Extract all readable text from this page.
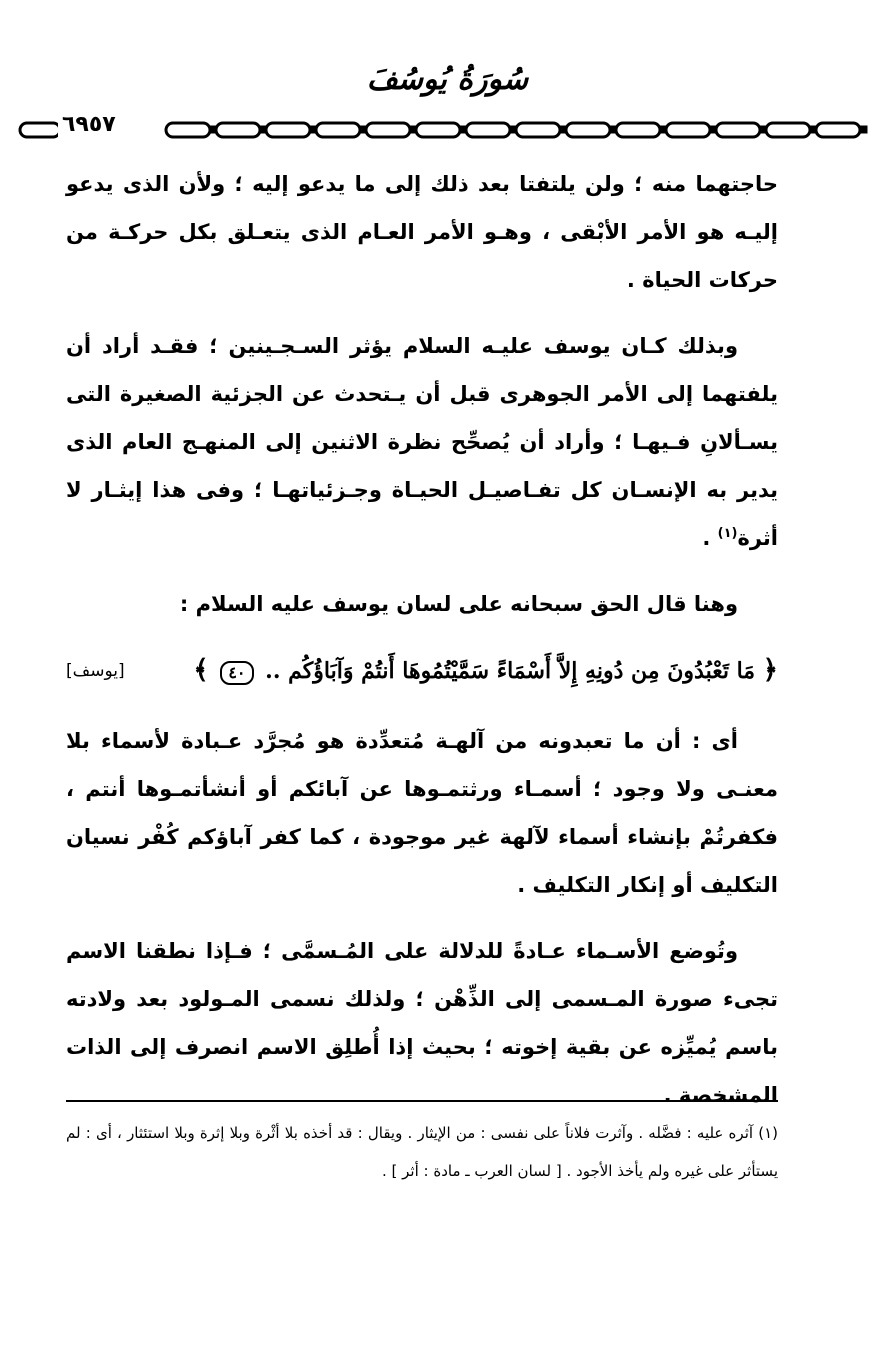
سُورَةُ يُوسُفَ
٦٩٥٧

حاجتهما منه ؛ ولن يلتفتا بعد ذلك إلى ما يدعو إليه ؛ ولأن الذى يدعو إليـه هو الأمر الأبْقى ، وهـو الأمر العـام الذى يتعـلق بكل حركـة من حركات الحياة .

وبذلك كـان يوسف عليـه السلام يؤثر السـجـينين ؛ فقـد أراد أن يلفتهما إلى الأمر الجوهرى قبل أن يـتحدث عن الجزئية الصغيرة التى يسـألانِ فـيهـا ؛ وأراد أن يُصحِّح نظرة الاثنين إلى المنهـج العام الذى يدير به الإنسـان كل تفـاصيـل الحيـاة وجـزئياتهـا ؛ وفى هذا إيثـار لا أثرة$^{(١)}$ .

وهنا قال الحق سبحانه على لسان يوسف عليه السلام :

﴿ مَا تَعْبُدُونَ مِن دُونِهِ إِلاَّ أَسْمَاءً سَمَّيْتُمُوهَا أَنتُمْ وَآبَاؤُكُم .. ٤٠ ﴾
[يوسف]

أى : أن ما تعبدونه من آلهـة مُتعدِّدة هو مُجرَّد عـبادة لأسماء بلا معنـى ولا وجود ؛ أسمـاء ورثتمـوها عن آبائكم أو أنشأتمـوها أنتم ، فكفرتُمْ بإنشاء أسماء لآلهة غير موجودة ، كما كفر آباؤكم كُفْر نسيان التكليف أو إنكار التكليف .

وتُوضع الأسـماء عـادةً للدلالة على المُـسمَّى ؛ فـإذا نطقنا الاسم تجىء صورة المـسمى إلى الذِّهْن ؛ ولذلك نسمى المـولود بعد ولادته باسم يُميِّزه عن بقية إخوته ؛ بحيث إذا أُطلِق الاسم انصرف إلى الذات المشخصة .

(١) آثره عليه : فضَّله . وآثرت فلاناً على نفسى : من الإيثار . ويقال : قد أخذه بلا أثْرة وبلا إثرة وبلا استئثار ، أى : لم يستأثر على غيره ولم يأخذ الأجود . [ لسان العرب ـ مادة : أثر ] .
